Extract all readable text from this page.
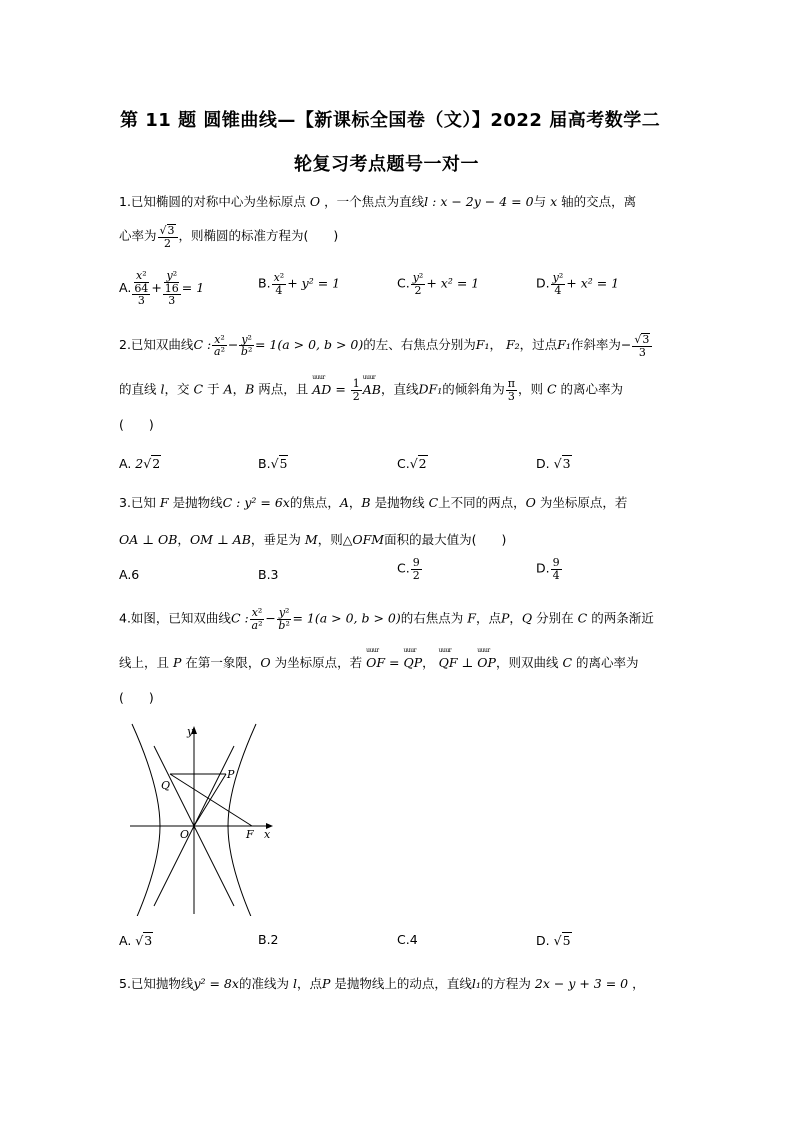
第 11 题 圆锥曲线—【新课标全国卷（文）】2022 届高考数学二
轮复习考点题号一对一
1.已知椭圆的对称中心为坐标原点 O ，一个焦点为直线l : x − 2y − 4 = 0与 x 轴的交点，离
心率为 $\frac{√3}{2}$ ，则椭圆的标准方程为(　　)
A. $\frac{\text{x²}}{\frac{64}{3}} + \frac{\text{y²}}{\frac{16}{3}} = 1$	B. $\frac{\text{x²}}{4} + y^2 = 1$	C. $\frac{\text{y²}}{2} + x^2 = 1$	D. $\frac{\text{y²}}{4} + x^2 = 1$
2.已知双曲线C : $\frac{\text{x²}}{\text{a²}} - \frac{\text{y²}}{\text{b²}} = 1(a > 0$, b > 0)的左、右焦点分别为F₁， F₂，过点F₁作斜率为− $\frac{√3}{3}$
的直线 l，交 C 于 A，B 两点，且 uuur AD = $\frac{1}{2}$ uuur AB，直线DF₁的倾斜角为 $\frac{\pi}{3}$ ，则 C 的离心率为
(　　)
A. 2√2	B.√5	C.√2	D. √3
3.已知 F 是抛物线C : y² = 6x的焦点，A，B 是抛物线 C上不同的两点，O 为坐标原点，若
OA ⊥ OB，OM ⊥ AB，垂足为 M，则△OFM面积的最大值为(　　)
A.6	B.3	C. $\frac{9}{2}$	D. $\frac{9}{4}$
4.如图，已知双曲线C : $\frac{\text{x²}}{\text{a²}} - \frac{\text{y²}}{\text{b²}} = 1(a > 0$, b > 0)的右焦点为 F，点P，Q 分别在 C 的两条渐近
线上，且 P 在第一象限，O 为坐标原点，若 uuur OF = uuur QP， uuur QF ⊥ uuur OP，则双曲线 C 的离心率为
(　　)
y
x
O
P
Q
F
A. √3	B.2	C.4	D. √5
5.已知抛物线y² = 8x的准线为 l，点P 是抛物线上的动点，直线l₁的方程为 2x − y + 3 = 0 ，
